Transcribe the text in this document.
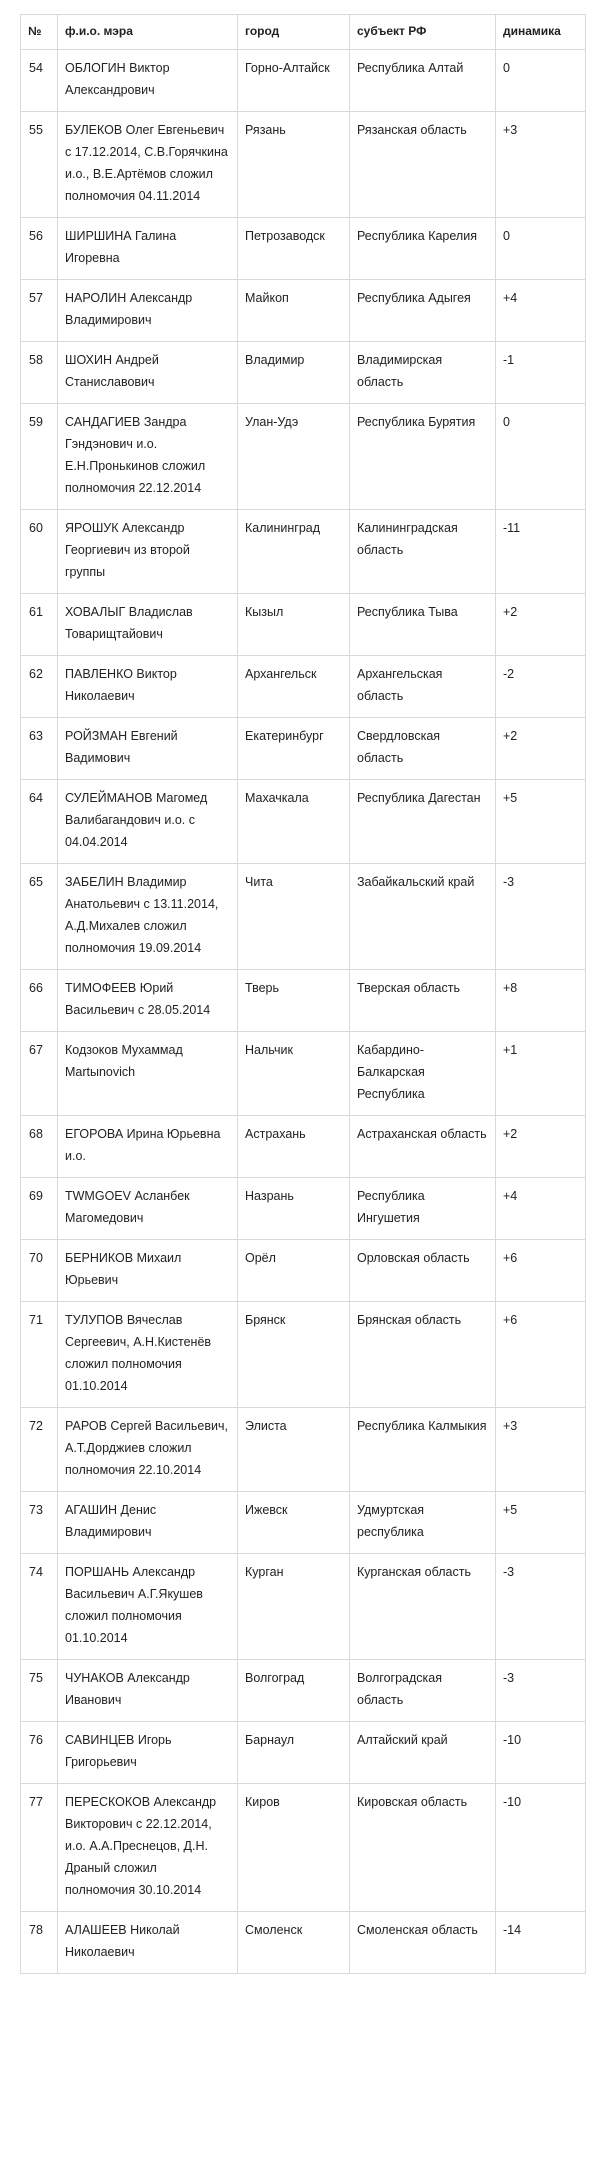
№	ф.и.о. мэра	город	субъект РФ	динамика
54	ОБЛОГИН Виктор Александрович	Горно-Алтайск	Республика Алтай	0
55	БУЛЕКОВ Олег Евгеньевич с 17.12.2014, С.В.Горячкина и.о., В.Е.Артёмов сложил полномочия 04.11.2014	Рязань	Рязанская область	+3
56	ШИРШИНА Галина Игоревна	Петрозаводск	Республика Карелия	0
57	НАРОЛИН Александр Владимирович	Майкоп	Республика Адыгея	+4
58	ШОХИН Андрей Станиславович	Владимир	Владимирская область	-1
59	САНДАГИЕВ Зандра Гэндэнович и.о. Е.Н.Пронькинов сложил полномочия 22.12.2014	Улан-Удэ	Республика Бурятия	0
60	ЯРОШУК Александр Георгиевич из второй группы	Калининград	Калининградская область	-11
61	ХОВАЛЫГ Владислав Товарищтайович	Кызыл	Республика Тыва	+2
62	ПАВЛЕНКО Виктор Николаевич	Архангельск	Архангельская область	-2
63	РОЙЗМАН Евгений Вадимович	Екатеринбург	Свердловская область	+2
64	СУЛЕЙМАНОВ Магомед Валибагандович и.о. с 04.04.2014	Махачкала	Республика Дагестан	+5
65	ЗАБЕЛИН Владимир Анатольевич с 13.11.2014, А.Д.Михалев сложил полномочия 19.09.2014	Чита	Забайкальский край	-3
66	ТИМОФЕЕВ Юрий Васильевич с 28.05.2014	Тверь	Тверская область	+8
67	Кодзоков Мухаммад Martыnovich	Нальчик	Кабардино-Балкарская Республика	+1
68	ЕГОРОВА Ирина Юрьевна и.о.	Астрахань	Астраханская область	+2
69	TWMGOEV Асланбек Магомедович	Назрань	Республика Ингушетия	+4
70	БЕРНИКОВ Михаил Юрьевич	Орёл	Орловская область	+6
71	ТУЛУПОВ Вячеслав Сергеевич, А.Н.Кистенёв сложил полномочия 01.10.2014	Брянск	Брянская область	+6
72	РАРОВ Сергей Васильевич, А.Т.Дорджиев сложил полномочия 22.10.2014	Элиста	Республика Калмыкия	+3
73	АГАШИН Денис Владимирович	Ижевск	Удмуртская республика	+5
74	ПОРШАНЬ Александр Васильевич А.Г.Якушев сложил полномочия 01.10.2014	Курган	Курганская область	-3
75	ЧУНАКОВ Александр Иванович	Волгоград	Волгоградская область	-3
76	САВИНЦЕВ Игорь Григорьевич	Барнаул	Алтайский край	-10
77	ПЕРЕСКОКОВ Александр Викторович с 22.12.2014, и.о. А.А.Преснецов, Д.Н. Драный сложил полномочия 30.10.2014	Киров	Кировская область	-10
78	АЛАШЕЕВ Николай Николаевич	Смоленск	Смоленская область	-14
